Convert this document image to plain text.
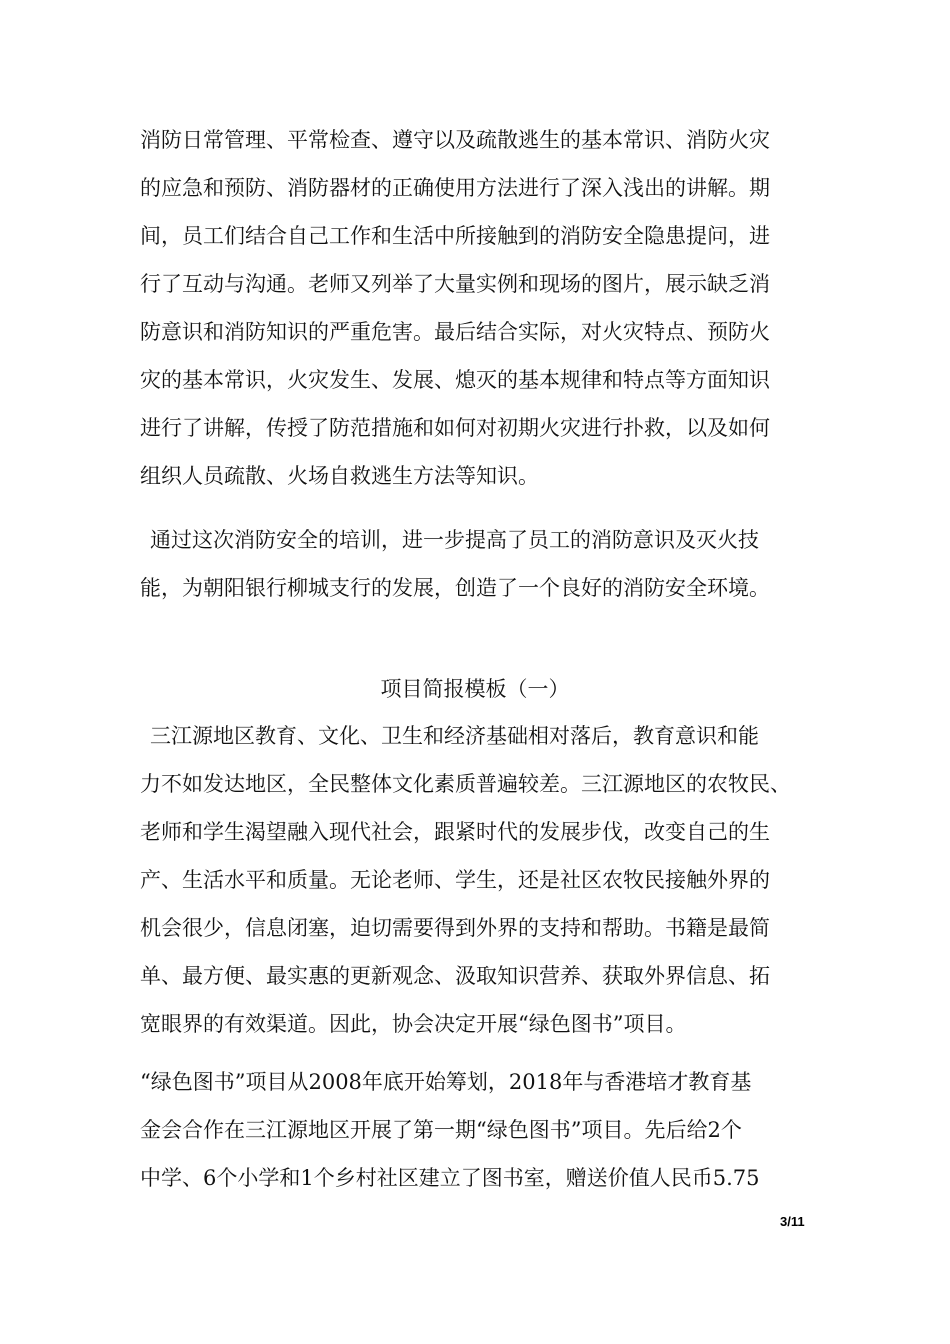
消防日常管理、平常检查、遵守以及疏散逃生的基本常识、消防火灾
的应急和预防、消防器材的正确使用方法进行了深入浅出的讲解。期
间，员工们结合自己工作和生活中所接触到的消防安全隐患提问，进
行了互动与沟通。老师又列举了大量实例和现场的图片，展示缺乏消
防意识和消防知识的严重危害。最后结合实际，对火灾特点、预防火
灾的基本常识，火灾发生、发展、熄灭的基本规律和特点等方面知识
进行了讲解，传授了防范措施和如何对初期火灾进行扑救，以及如何
组织人员疏散、火场自救逃生方法等知识。
通过这次消防安全的培训，进一步提高了员工的消防意识及灭火技
能，为朝阳银行柳城支行的发展，创造了一个良好的消防安全环境。
项目简报模板（一）
三江源地区教育、文化、卫生和经济基础相对落后，教育意识和能
力不如发达地区，全民整体文化素质普遍较差。三江源地区的农牧民、
老师和学生渴望融入现代社会，跟紧时代的发展步伐，改变自己的生
产、生活水平和质量。无论老师、学生，还是社区农牧民接触外界的
机会很少，信息闭塞，迫切需要得到外界的支持和帮助。书籍是最简
单、最方便、最实惠的更新观念、汲取知识营养、获取外界信息、拓
宽眼界的有效渠道。因此，协会决定开展“绿色图书”项目。
“绿色图书”项目从2008年底开始筹划，2018年与香港培才教育基
金会合作在三江源地区开展了第一期“绿色图书”项目。先后给2个
中学、6个小学和1个乡村社区建立了图书室，赠送价值人民币5.75
3/11
